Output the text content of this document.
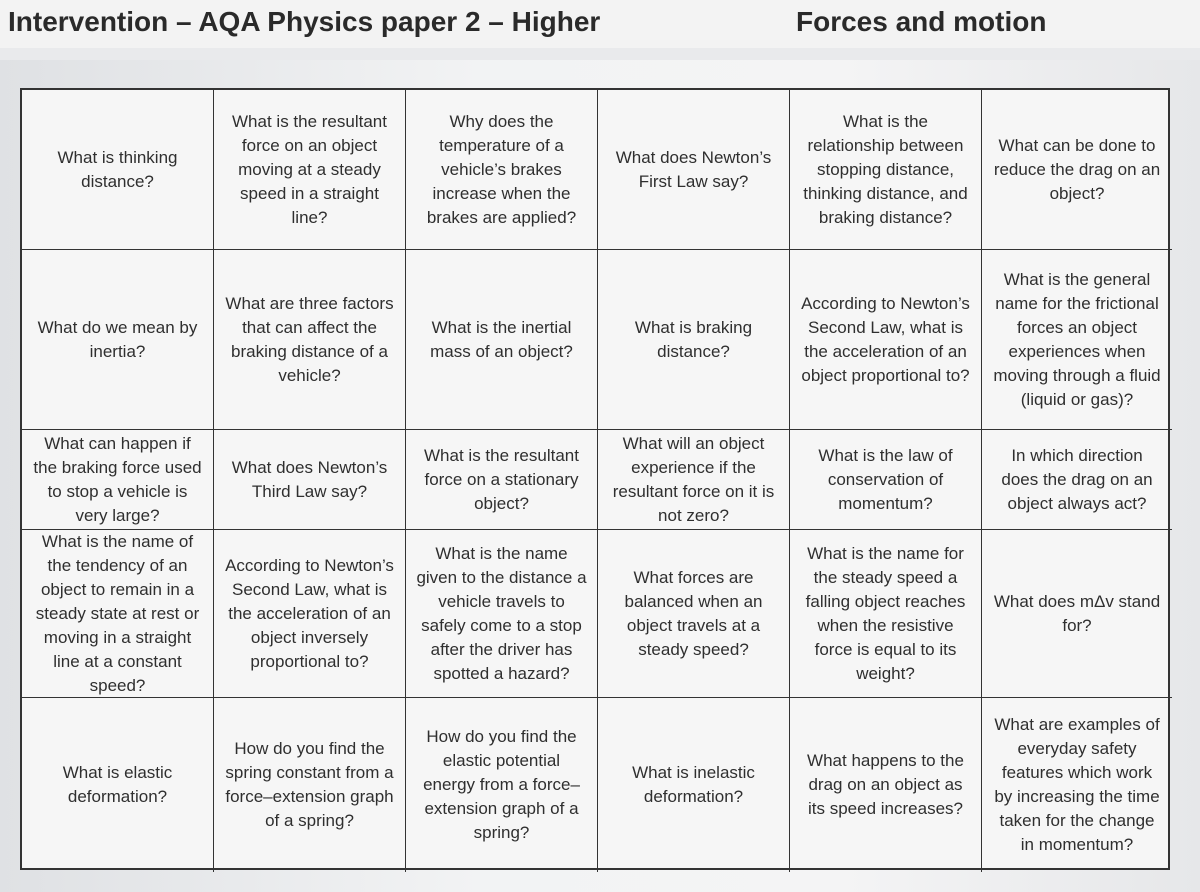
Intervention – AQA Physics paper 2 – Higher	Forces and motion
What is thinking distance?
What is the resultant force on an object moving at a steady speed in a straight line?
Why does the temperature of a vehicle’s brakes increase when the brakes are applied?
What does Newton’s First Law say?
What is the relationship between stopping distance, thinking distance, and braking distance?
What can be done to reduce the drag on an object?
What do we mean by inertia?
What are three factors that can affect the braking distance of a vehicle?
What is the inertial mass of an object?
What is braking distance?
According to Newton’s Second Law, what is the acceleration of an object proportional to?
What is the general name for the frictional forces an object experiences when moving through a fluid (liquid or gas)?
What can happen if the braking force used to stop a vehicle is very large?
What does Newton’s Third Law say?
What is the resultant force on a stationary object?
What will an object experience if the resultant force on it is not zero?
What is the law of conservation of momentum?
In which direction does the drag on an object always act?
What is the name of the tendency of an object to remain in a steady state at rest or moving in a straight line at a constant speed?
According to Newton’s Second Law, what is the acceleration of an object inversely proportional to?
What is the name given to the distance a vehicle travels to safely come to a stop after the driver has spotted a hazard?
What forces are balanced when an object travels at a steady speed?
What is the name for the steady speed a falling object reaches when the resistive force is equal to its weight?
What does mΔv stand for?
What is elastic deformation?
How do you find the spring constant from a force–extension graph of a spring?
How do you find the elastic potential energy from a force–extension graph of a spring?
What is inelastic deformation?
What happens to the drag on an object as its speed increases?
What are examples of everyday safety features which work by increasing the time taken for the change in momentum?
